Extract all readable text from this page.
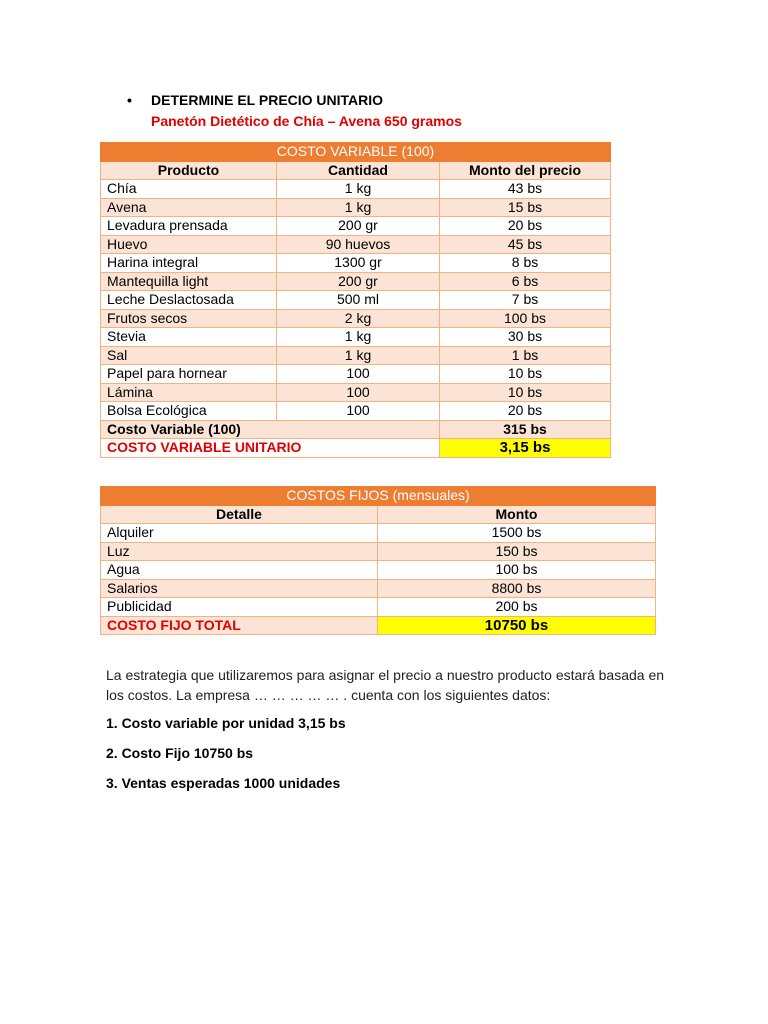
• DETERMINE EL PRECIO UNITARIO
Panetón Dietético de Chía – Avena 650 gramos
COSTO VARIABLE (100)		
Producto	Cantidad	Monto del precio
Chía	1 kg	43 bs
Avena	1 kg	15 bs
Levadura prensada	200 gr	20 bs
Huevo	90 huevos	45 bs
Harina integral	1300 gr	8 bs
Mantequilla light	200 gr	6 bs
Leche Deslactosada	500 ml	7 bs
Frutos secos	2 kg	100 bs
Stevia	1 kg	30 bs
Sal	1 kg	1 bs
Papel para hornear	100	10 bs
Lámina	100	10 bs
Bolsa Ecológica	100	20 bs
Costo Variable (100)		315 bs
COSTO VARIABLE UNITARIO		3,15 bs
COSTOS FIJOS (mensuales)	
Detalle	Monto
Alquiler	1500 bs
Luz	150 bs
Agua	100 bs
Salarios	8800 bs
Publicidad	200 bs
COSTO FIJO TOTAL	10750 bs
La estrategia que utilizaremos para asignar el precio a nuestro producto estará basada en los costos. La empresa … … … … … . cuenta con los siguientes datos:
1. Costo variable por unidad 3,15 bs
2. Costo Fijo 10750 bs
3. Ventas esperadas 1000 unidades
